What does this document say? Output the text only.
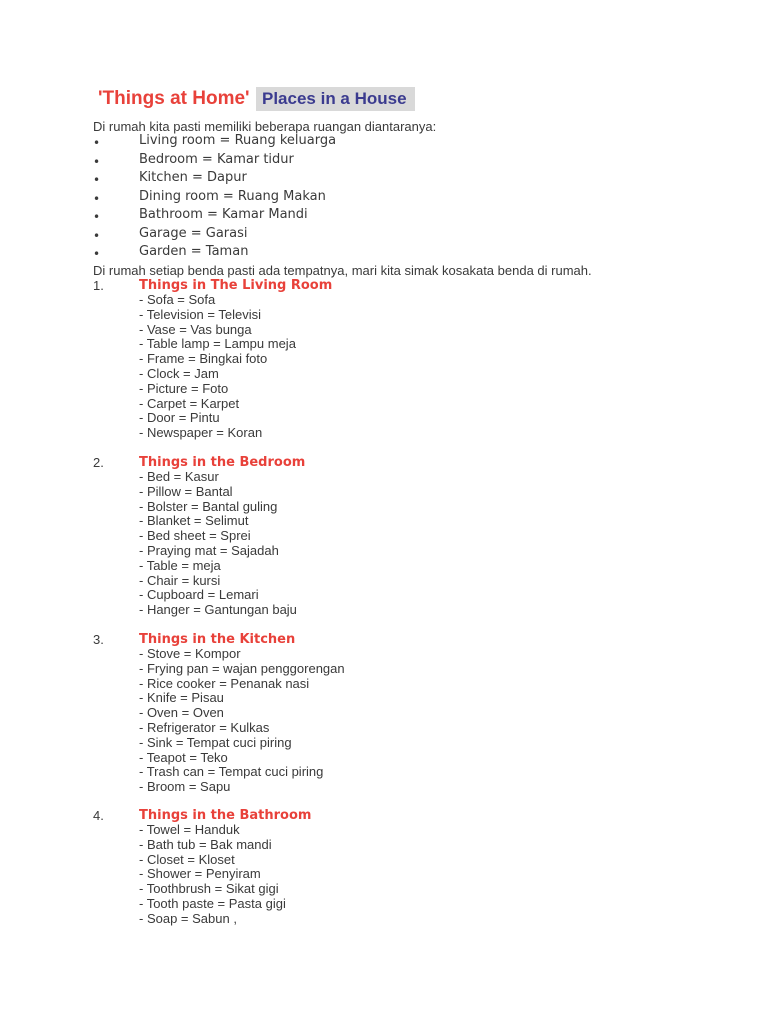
'Things at Home' Places in a House
Di rumah kita pasti memiliki beberapa ruangan diantaranya:
•	Living room = Ruang keluarga
•	Bedroom = Kamar tidur
•	Kitchen = Dapur
•	Dining room = Ruang Makan
•	Bathroom = Kamar Mandi
•	Garage = Garasi
•	Garden = Taman
Di rumah setiap benda pasti ada tempatnya, mari kita simak kosakata benda di rumah.
1.	Things in The Living Room
- Sofa = Sofa
- Television = Televisi
- Vase = Vas bunga
- Table lamp = Lampu meja
- Frame = Bingkai foto
- Clock = Jam
- Picture = Foto
- Carpet = Karpet
- Door = Pintu
- Newspaper = Koran
2.	Things in the Bedroom
- Bed = Kasur
- Pillow = Bantal
- Bolster = Bantal guling
- Blanket = Selimut
- Bed sheet = Sprei
- Praying mat = Sajadah
- Table = meja
- Chair = kursi
- Cupboard = Lemari
- Hanger = Gantungan baju
3.	Things in the Kitchen
- Stove = Kompor
- Frying pan = wajan penggorengan
- Rice cooker = Penanak nasi
- Knife = Pisau
- Oven = Oven
- Refrigerator = Kulkas
- Sink = Tempat cuci piring
- Teapot = Teko
- Trash can = Tempat cuci piring
- Broom = Sapu
4.	Things in the Bathroom
- Towel = Handuk
- Bath tub = Bak mandi
- Closet = Kloset
- Shower = Penyiram
- Toothbrush = Sikat gigi
- Tooth paste = Pasta gigi
- Soap = Sabun ,
